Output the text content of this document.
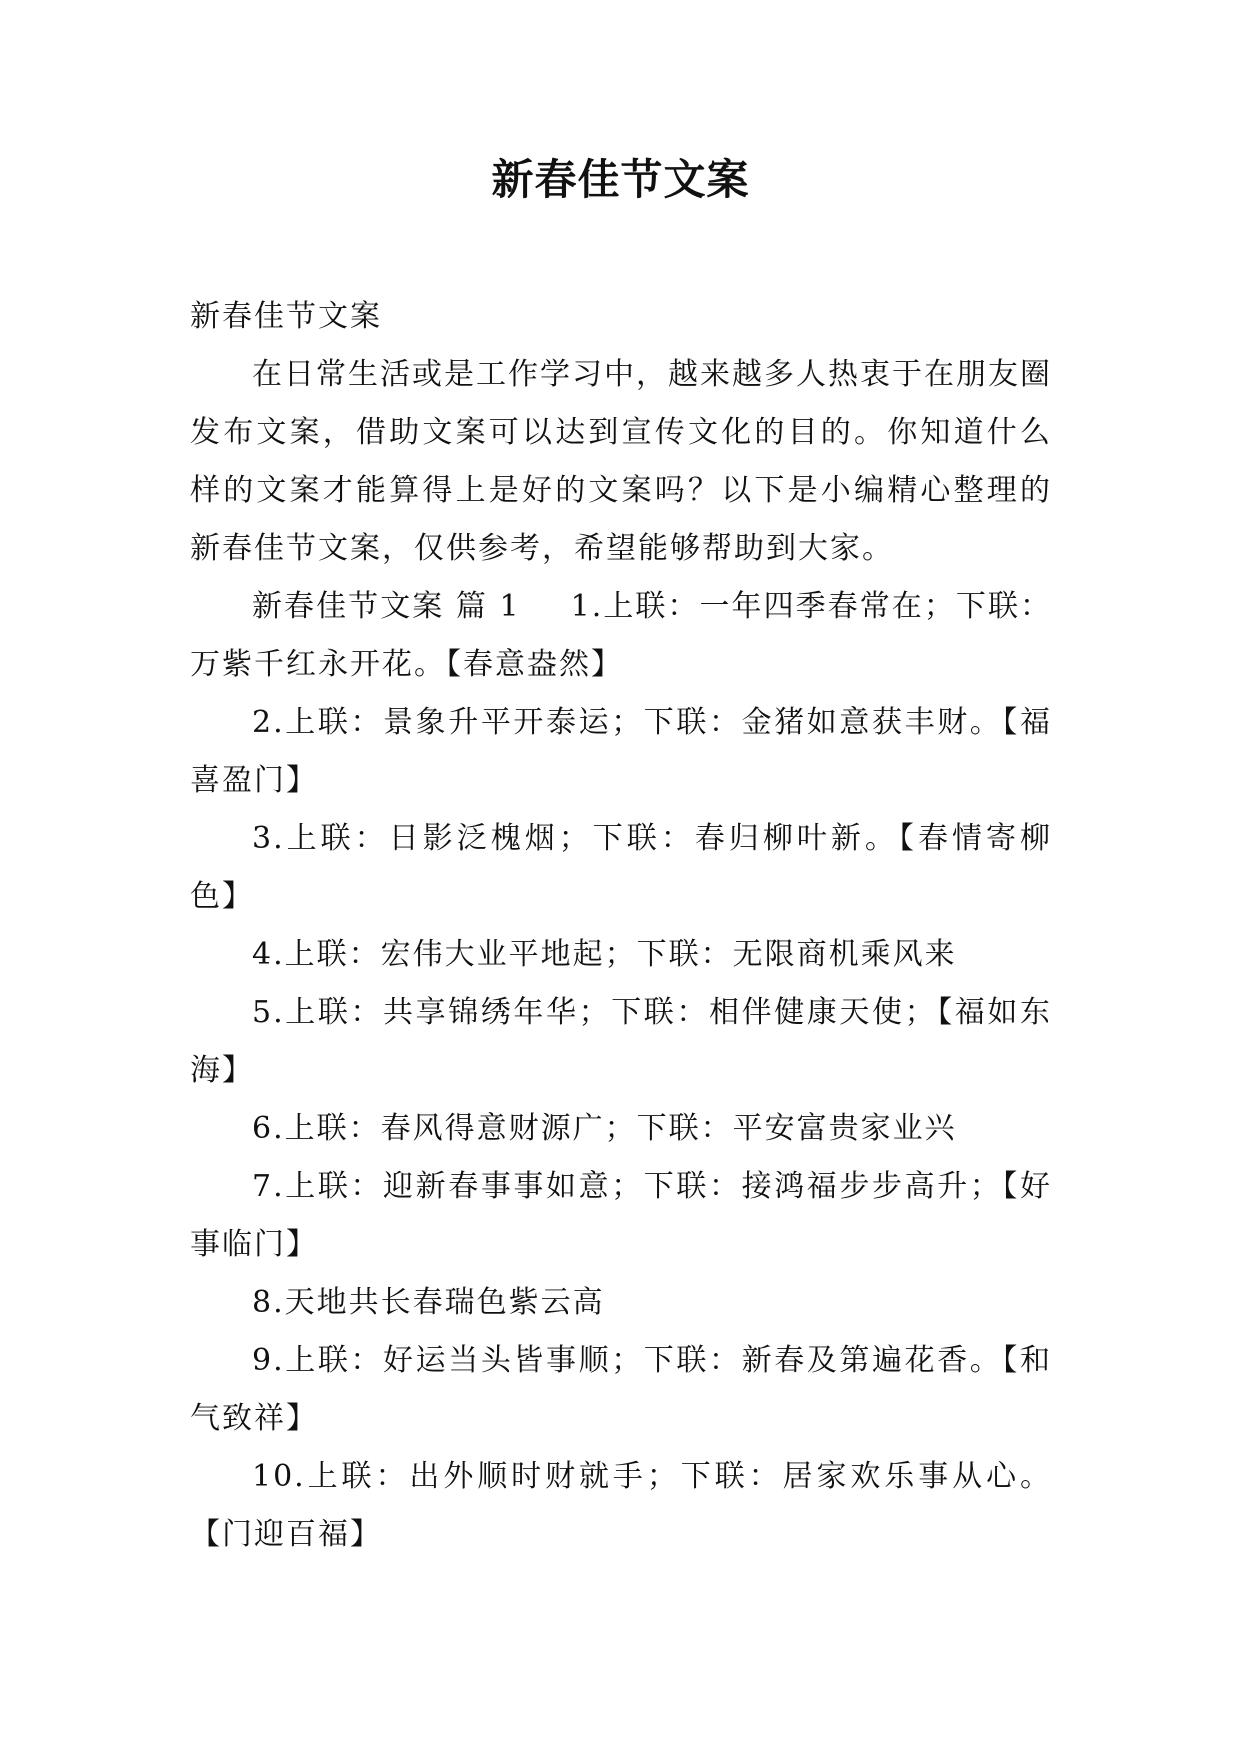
新春佳节文案

新春佳节文案

在日常生活或是工作学习中，越来越多人热衷于在朋友圈发布文案，借助文案可以达到宣传文化的目的。你知道什么样的文案才能算得上是好的文案吗？以下是小编精心整理的新春佳节文案，仅供参考，希望能够帮助到大家。

新春佳节文案 篇 1 1.上联：一年四季春常在；下联：万紫千红永开花。【春意盎然】

2.上联：景象升平开泰运；下联：金猪如意获丰财。【福喜盈门】

3.上联：日影泛槐烟；下联：春归柳叶新。【春情寄柳色】

4.上联：宏伟大业平地起；下联：无限商机乘风来

5.上联：共享锦绣年华；下联：相伴健康天使；【福如东海】

6.上联：春风得意财源广；下联：平安富贵家业兴

7.上联：迎新春事事如意；下联：接鸿福步步高升；【好事临门】

8.天地共长春瑞色紫云高

9.上联：好运当头皆事顺；下联：新春及第遍花香。【和气致祥】

10.上联：出外顺时财就手；下联：居家欢乐事从心。【门迎百福】
